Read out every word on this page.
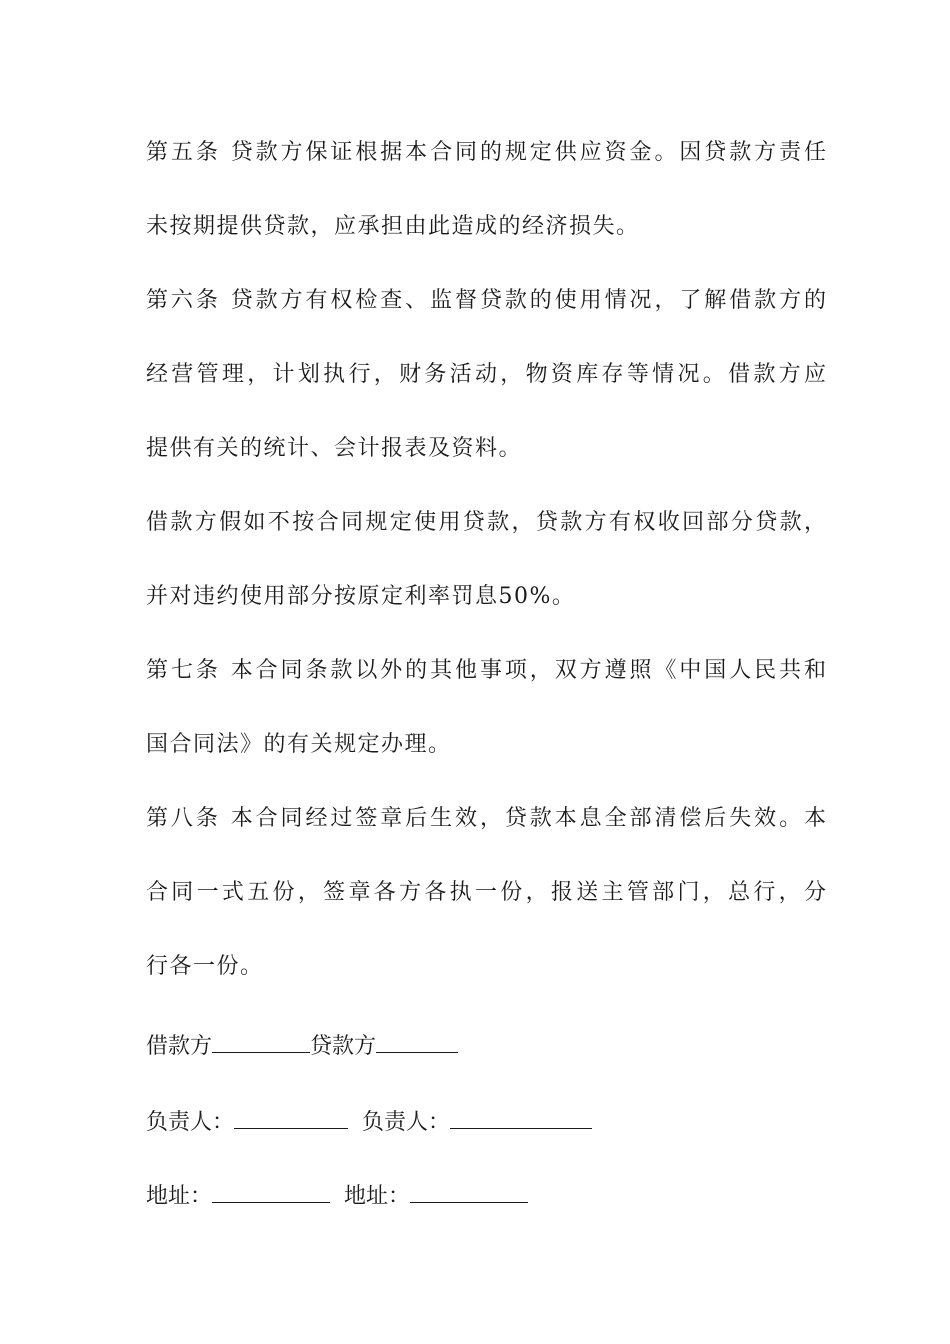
第五条 贷款方保证根据本合同的规定供应资金。因贷款方责任
未按期提供贷款，应承担由此造成的经济损失。
第六条 贷款方有权检查、监督贷款的使用情况，了解借款方的
经营管理，计划执行，财务活动，物资库存等情况。借款方应
提供有关的统计、会计报表及资料。
借款方假如不按合同规定使用贷款，贷款方有权收回部分贷款，
并对违约使用部分按原定利率罚息50%。
第七条 本合同条款以外的其他事项，双方遵照《中国人民共和
国合同法》的有关规定办理。
第八条 本合同经过签章后生效，贷款本息全部清偿后失效。本
合同一式五份，签章各方各执一份，报送主管部门，总行，分
行各一份。
借款方	贷款方
负责人：	负责人：
地址：	地址：
